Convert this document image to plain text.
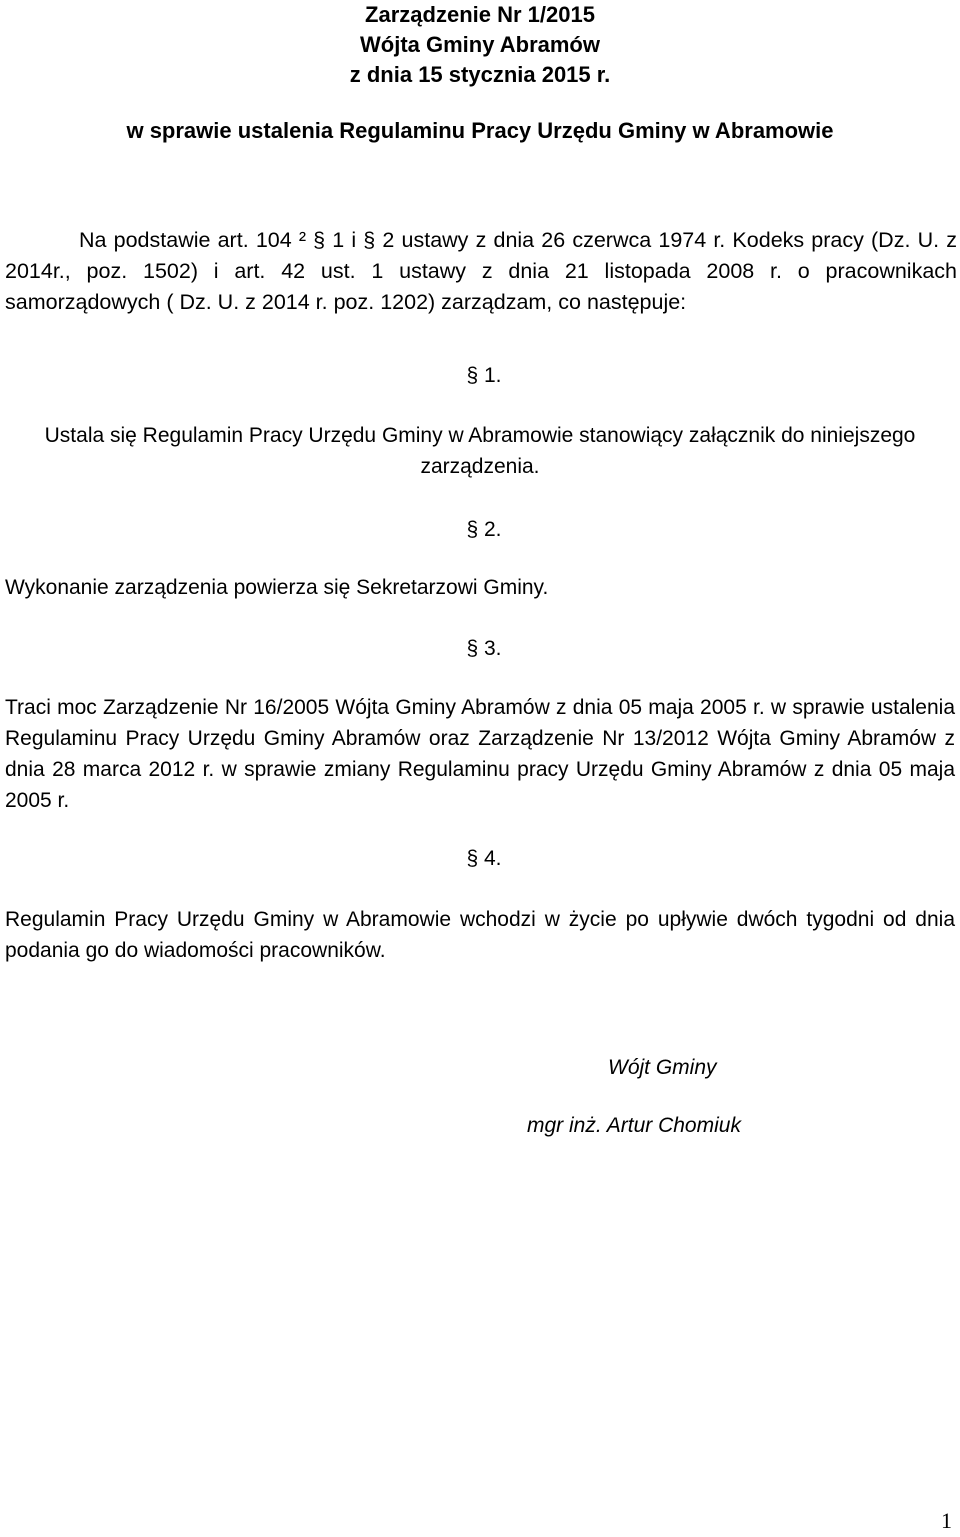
Zarządzenie Nr 1/2015
Wójta Gminy Abramów
z dnia 15 stycznia 2015 r.
w sprawie ustalenia Regulaminu Pracy Urzędu Gminy w Abramowie
Na podstawie art. 104 ² § 1 i § 2 ustawy z dnia 26 czerwca 1974 r. Kodeks pracy (Dz. U. z 2014r., poz. 1502) i art. 42 ust. 1 ustawy z dnia 21 listopada 2008 r. o pracownikach samorządowych ( Dz. U. z 2014 r. poz. 1202) zarządzam, co następuje:
§ 1.
Ustala się Regulamin Pracy Urzędu Gminy w Abramowie stanowiący załącznik do niniejszego zarządzenia.
§ 2.
Wykonanie zarządzenia powierza się Sekretarzowi Gminy.
§ 3.
Traci moc Zarządzenie Nr 16/2005 Wójta Gminy Abramów z dnia 05 maja 2005 r. w sprawie ustalenia Regulaminu Pracy Urzędu Gminy Abramów oraz Zarządzenie Nr 13/2012 Wójta Gminy Abramów z dnia 28 marca 2012 r. w sprawie zmiany Regulaminu pracy Urzędu Gminy Abramów z dnia 05 maja 2005 r.
§ 4.
Regulamin Pracy Urzędu Gminy w Abramowie wchodzi w życie po upływie dwóch tygodni od dnia podania go do wiadomości pracowników.
Wójt Gminy
mgr inż. Artur Chomiuk
1
